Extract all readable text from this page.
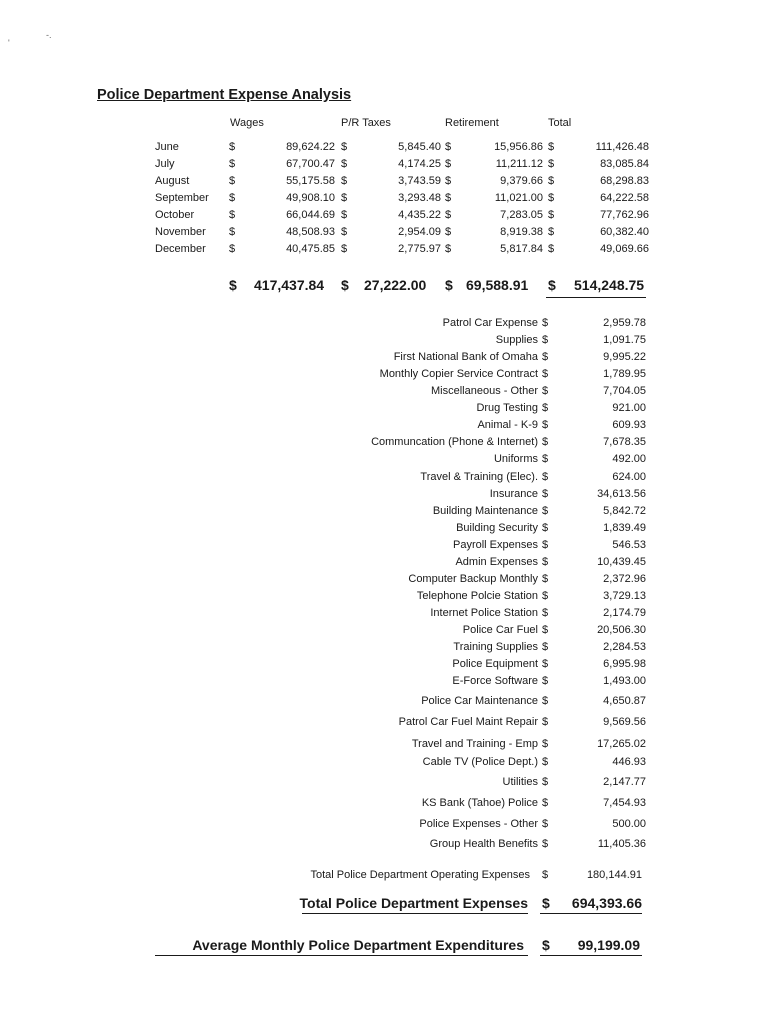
'
-.
Police Department Expense Analysis
Wages	P/R Taxes	Retirement	Total
June	$	89,624.22 $	5,845.40 $	15,956.86 $	111,426.48
July	$	67,700.47 $	4,174.25 $	11,211.12 $	83,085.84
August	$	55,175.58 $	3,743.59 $	9,379.66 $	68,298.83
September $	49,908.10 $	3,293.48 $	11,021.00 $	64,222.58
October	$	66,044.69 $	4,435.22 $	7,283.05 $	77,762.96
November $	48,508.93 $	2,954.09 $	8,919.38 $	60,382.40
December $	40,475.85 $	2,775.97 $	5,817.84 $	49,069.66
$ 417,437.84 $ 27,222.00 $ 69,588.91 $ 514,248.75
Patrol Car Expense $	2,959.78
Supplies $	1,091.75
First National Bank of Omaha $	9,995.22
Monthly Copier Service Contract $	1,789.95
Miscellaneous - Other $	7,704.05
Drug Testing $	921.00
Animal - K-9 $	609.93
Communcation (Phone & Internet) $	7,678.35
Uniforms $	492.00
Travel & Training (Elec). $	624.00
Insurance $	34,613.56
Building Maintenance $	5,842.72
Building Security $	1,839.49
Payroll Expenses $	546.53
Admin Expenses $	10,439.45
Computer Backup Monthly $	2,372.96
Telephone Polcie Station $	3,729.13
Internet Police Station $	2,174.79
Police Car Fuel $	20,506.30
Training Supplies $	2,284.53
Police Equipment $	6,995.98
E-Force Software $	1,493.00
Police Car Maintenance $	4,650.87
Patrol Car Fuel Maint Repair $	9,569.56
Travel and Training - Emp $	17,265.02
Cable TV (Police Dept.) $	446.93
Utilities $	2,147.77
KS Bank (Tahoe) Police $	7,454.93
Police Expenses - Other $	500.00
Group Health Benefits $	11,405.36
Total Police Department Operating Expenses $	180,144.91
Total Police Department Expenses $ 694,393.66
Average Monthly Police Department Expenditures $ 99,199.09
